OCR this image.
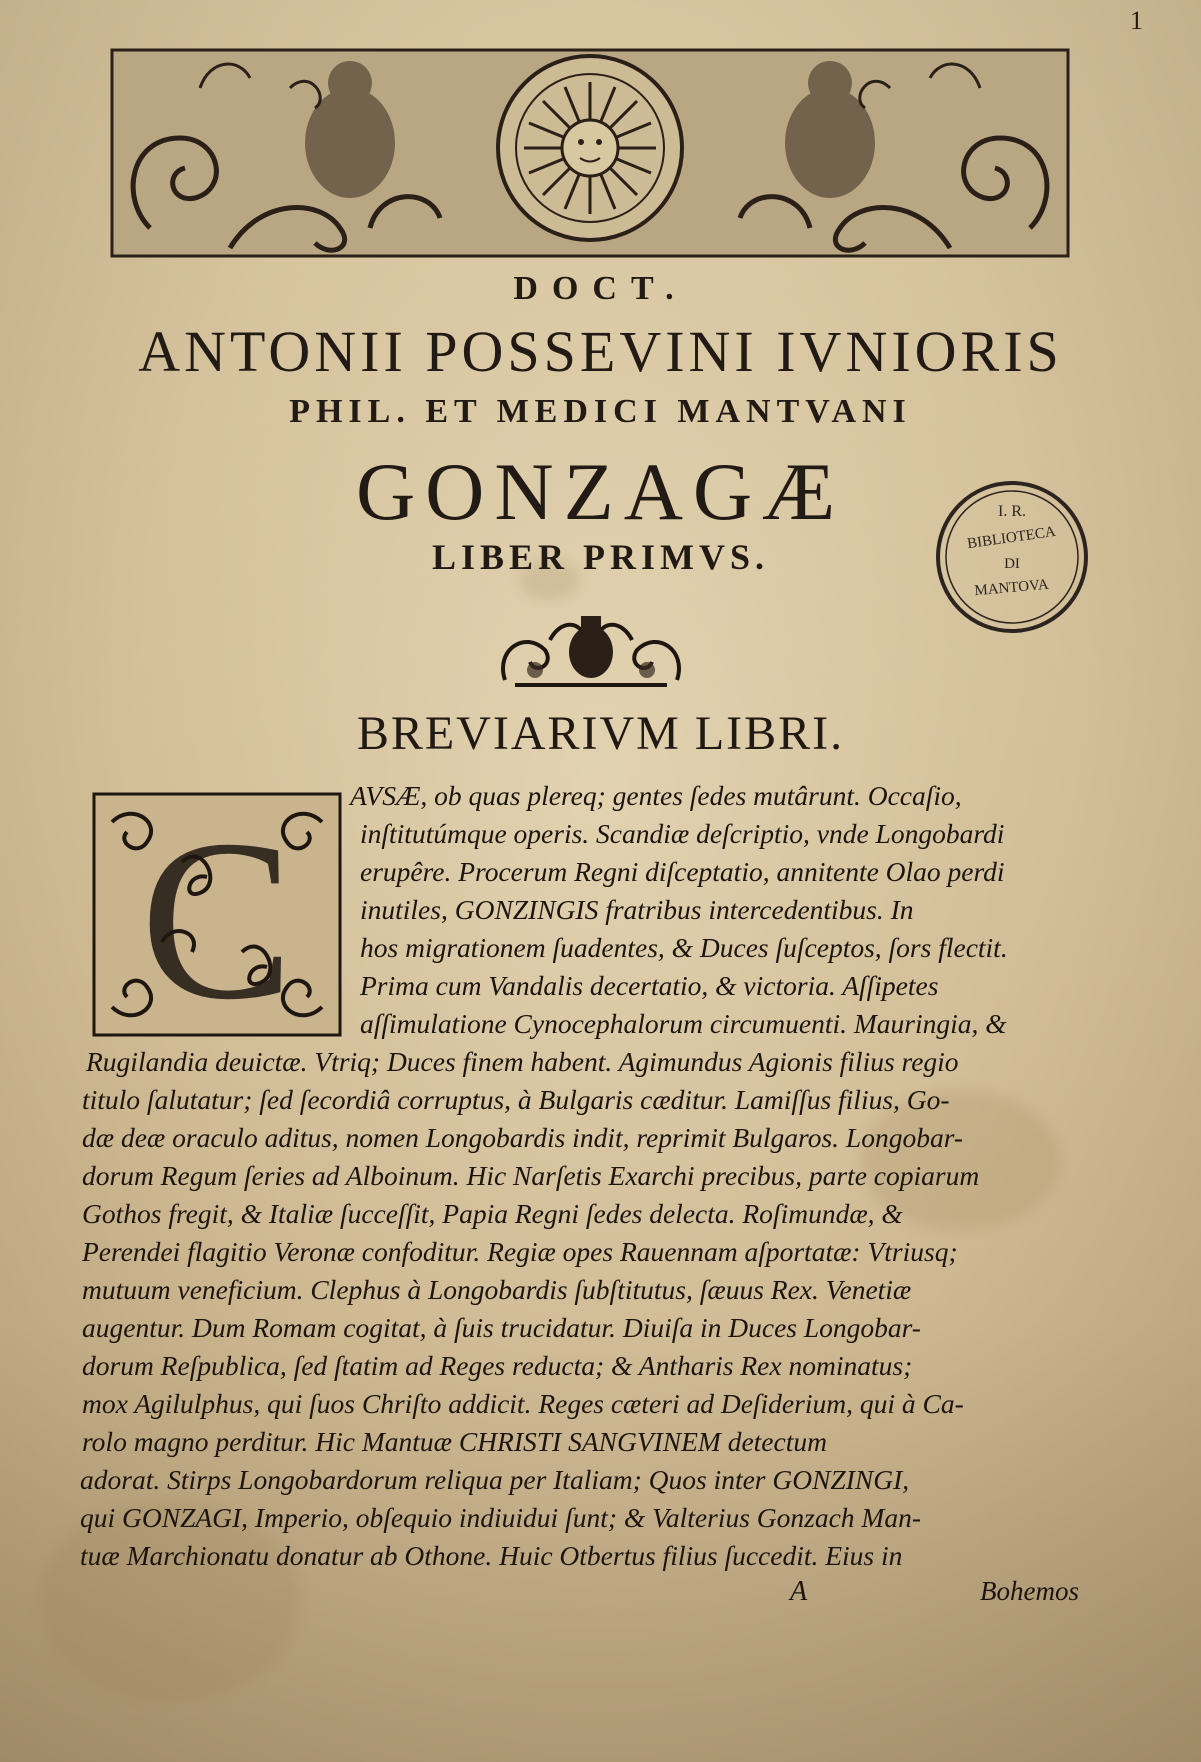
1
DOCT.
ANTONII POSSEVINI IVNIORIS
PHIL. ET MEDICI MANTVANI
GONZAGÆ
LIBER PRIMVS.
I. R.
BIBLIOTECA
DI
MANTOVA
BREVIARIVM LIBRI.
C AVSÆ, ob quas plereq; gentes ſedes mutârunt. Occaſio,
inſtitutúmque operis. Scandiæ deſcriptio, vnde Longobardi
erupêre. Procerum Regni diſceptatio, annitente Olao perdi
inutiles, GONZINGIS fratribus intercedentibus. In
hos migrationem ſuadentes, & Duces ſuſceptos, ſors flectit.
Prima cum Vandalis decertatio, & victoria. Aſſipetes
aſſimulatione Cynocephalorum circumuenti. Mauringia, &
Rugilandia deuictæ. Vtriq; Duces finem habent. Agimundus Agionis filius regio
titulo ſalutatur; ſed ſecordiâ corruptus, à Bulgaris cæditur. Lamiſſus filius, Go-
dæ deæ oraculo aditus, nomen Longobardis indit, reprimit Bulgaros. Longobar-
dorum Regum ſeries ad Alboinum. Hic Narſetis Exarchi precibus, parte copiarum
Gothos fregit, & Italiæ ſucceſſit, Papia Regni ſedes delecta. Roſimundæ, &
Perendei flagitio Veronæ confoditur. Regiæ opes Rauennam aſportatæ: Vtriusq;
mutuum veneficium. Clephus à Longobardis ſubſtitutus, ſæuus Rex. Venetiæ
augentur. Dum Romam cogitat, à ſuis trucidatur. Diuiſa in Duces Longobar-
dorum Reſpublica, ſed ſtatim ad Reges reducta; & Antharis Rex nominatus;
mox Agilulphus, qui ſuos Chriſto addicit. Reges cæteri ad Deſiderium, qui à Ca-
rolo magno perditur. Hic Mantuæ CHRISTI SANGVINEM detectum
adorat. Stirps Longobardorum reliqua per Italiam; Quos inter GONZINGI,
qui GONZAGI, Imperio, obſequio indiuidui ſunt; & Valterius Gonzach Man-
tuæ Marchionatu donatur ab Othone. Huic Otbertus filius ſuccedit. Eius in
A	Bohemos
